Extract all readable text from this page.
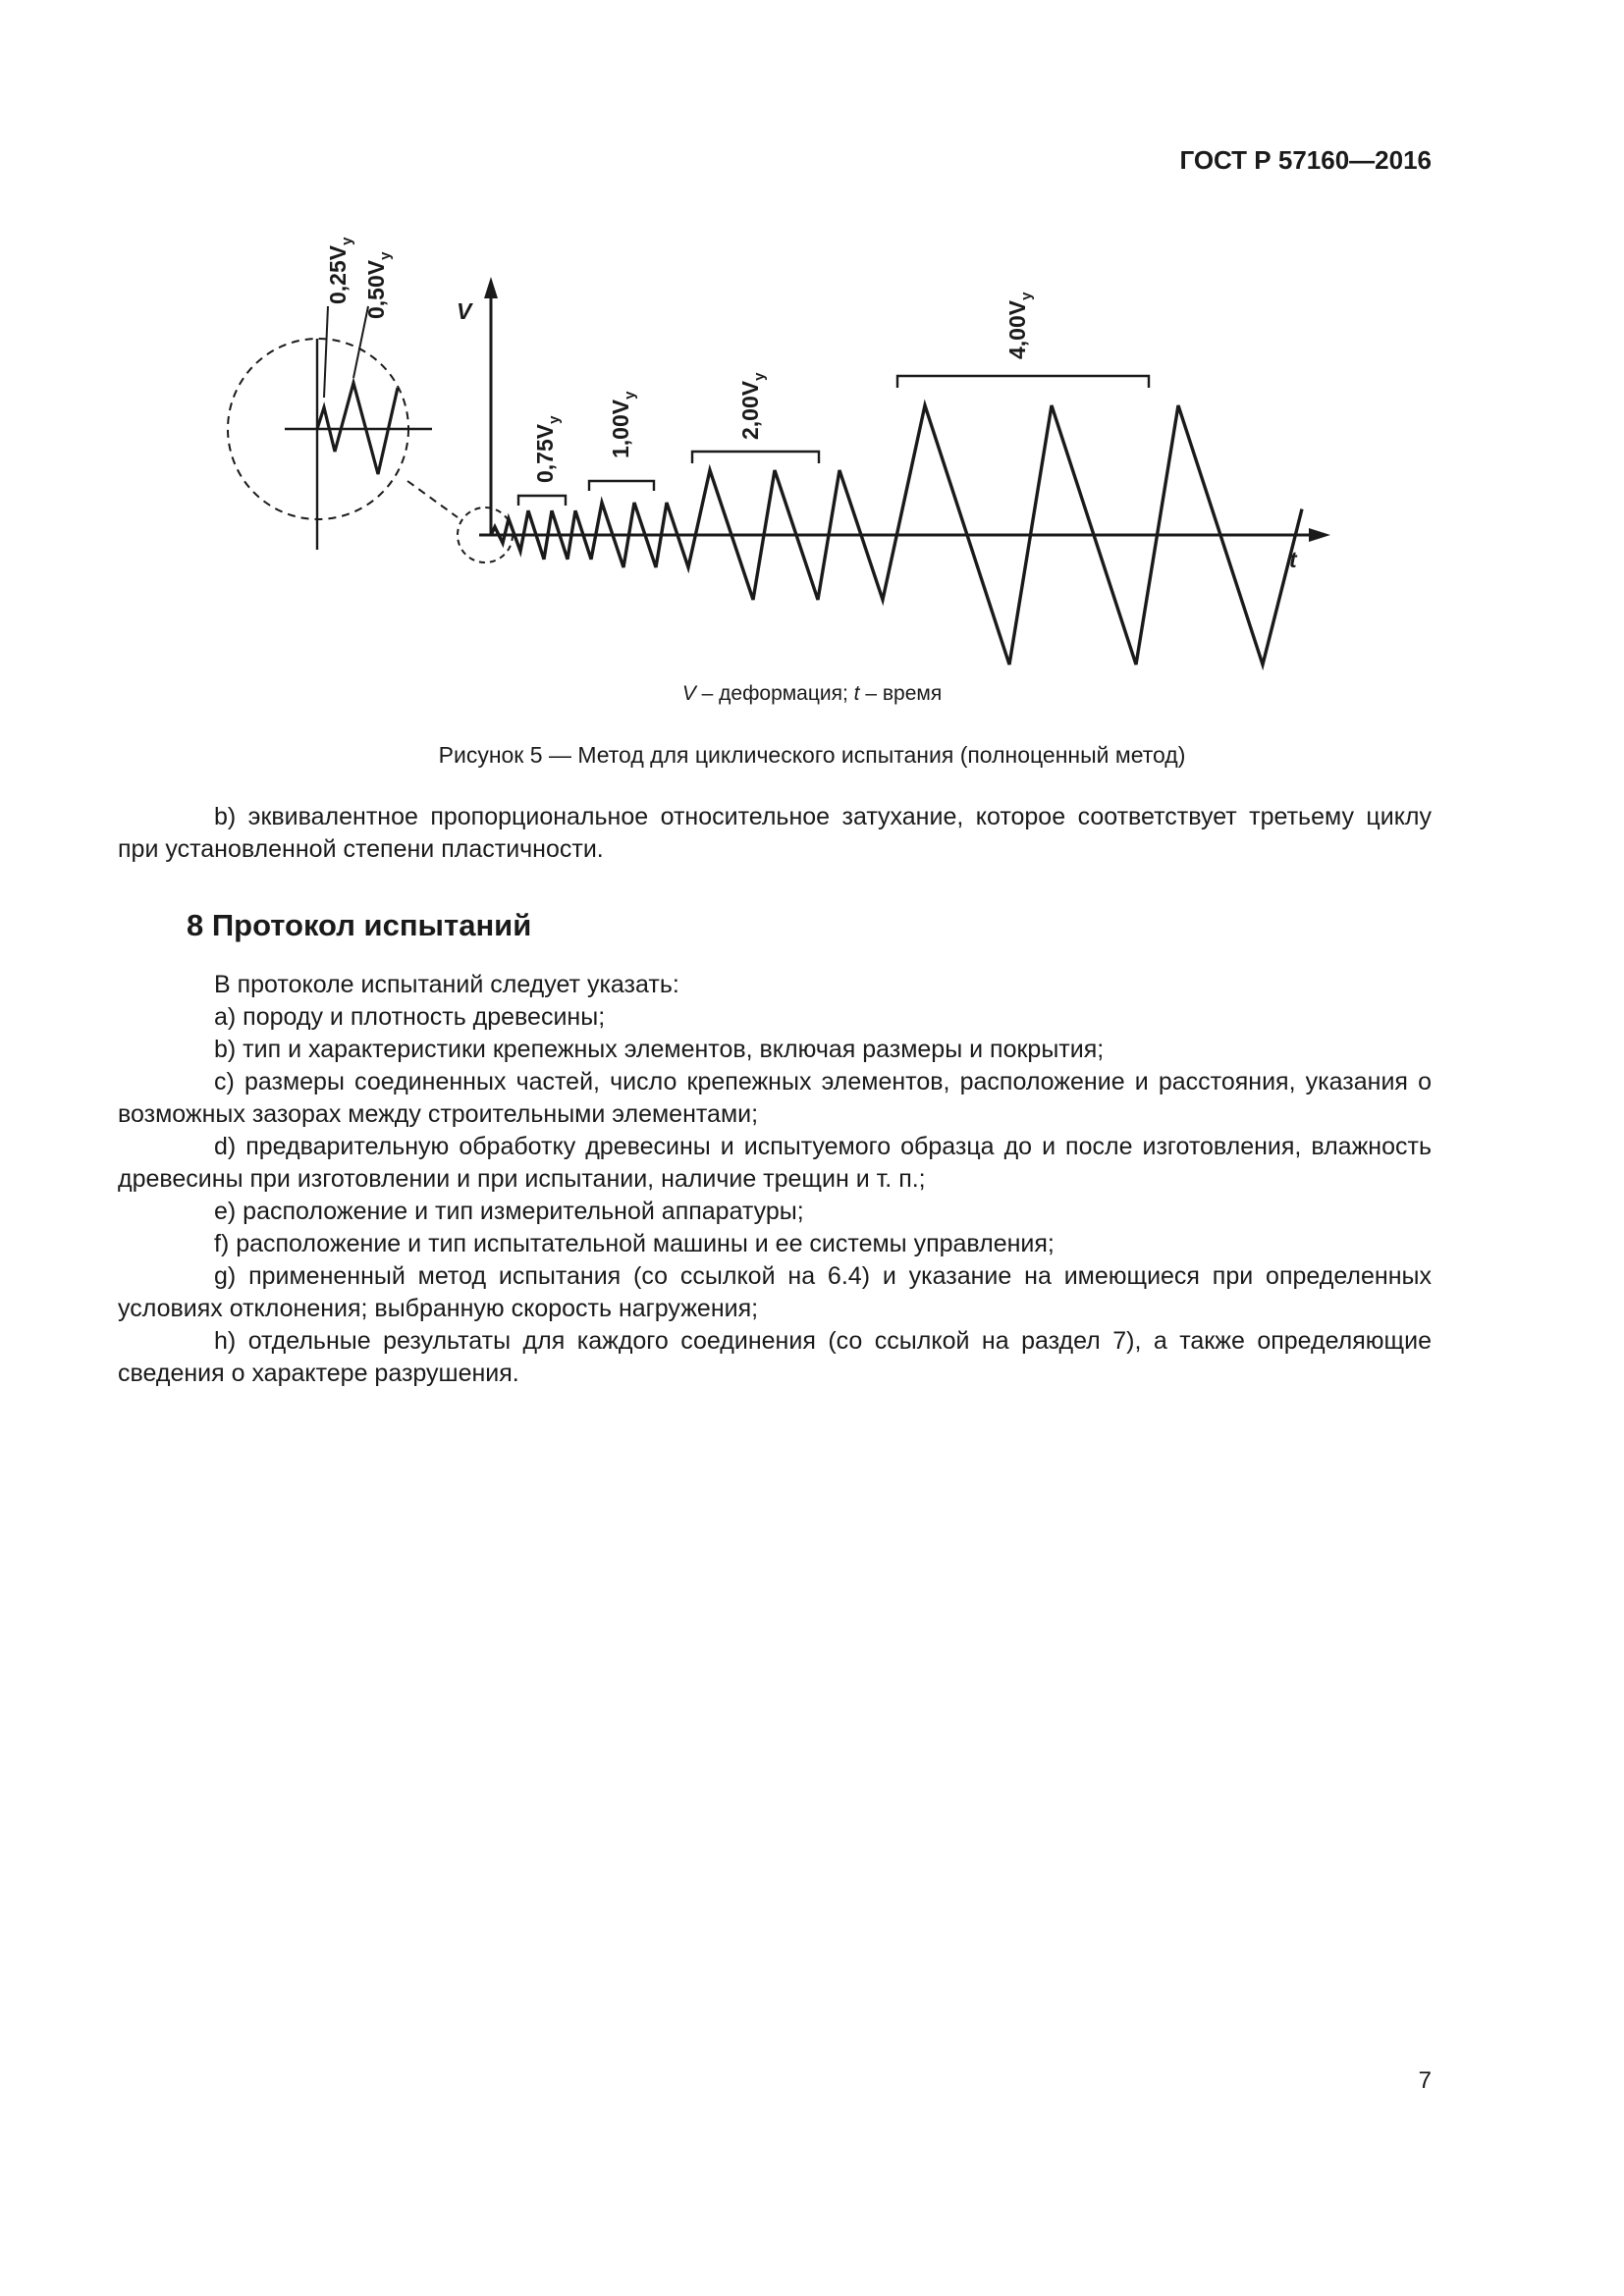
ГОСТ Р 57160—2016
V
t
$0,25V_y$
$0,50V_y$
$0,75V_y$ $1,00V_y$	$2,00V_y$
$4,00V_y$
V – деформация; t – время
Рисунок 5 — Метод для циклического испытания (полноценный метод)

b) эквивалентное пропорциональное относительное затухание, которое соответствует третьему циклу при установленной степени пластичности.

8 Протокол испытаний

В протоколе испытаний следует указать:

а) породу и плотность древесины;

b) тип и характеристики крепежных элементов, включая размеры и покрытия;

c) размеры соединенных частей, число крепежных элементов, расположение и расстояния, указания о возможных зазорах между строительными элементами;

d) предварительную обработку древесины и испытуемого образца до и после изготовления, влажность древесины при изготовлении и при испытании, наличие трещин и т. п.;

e) расположение и тип измерительной аппаратуры;

f) расположение и тип испытательной машины и ее системы управления;

g) примененный метод испытания (со ссылкой на 6.4) и указание на имеющиеся при определенных условиях отклонения; выбранную скорость нагружения;

h) отдельные результаты для каждого соединения (со ссылкой на раздел 7), а также определяющие сведения о характере разрушения.

7
